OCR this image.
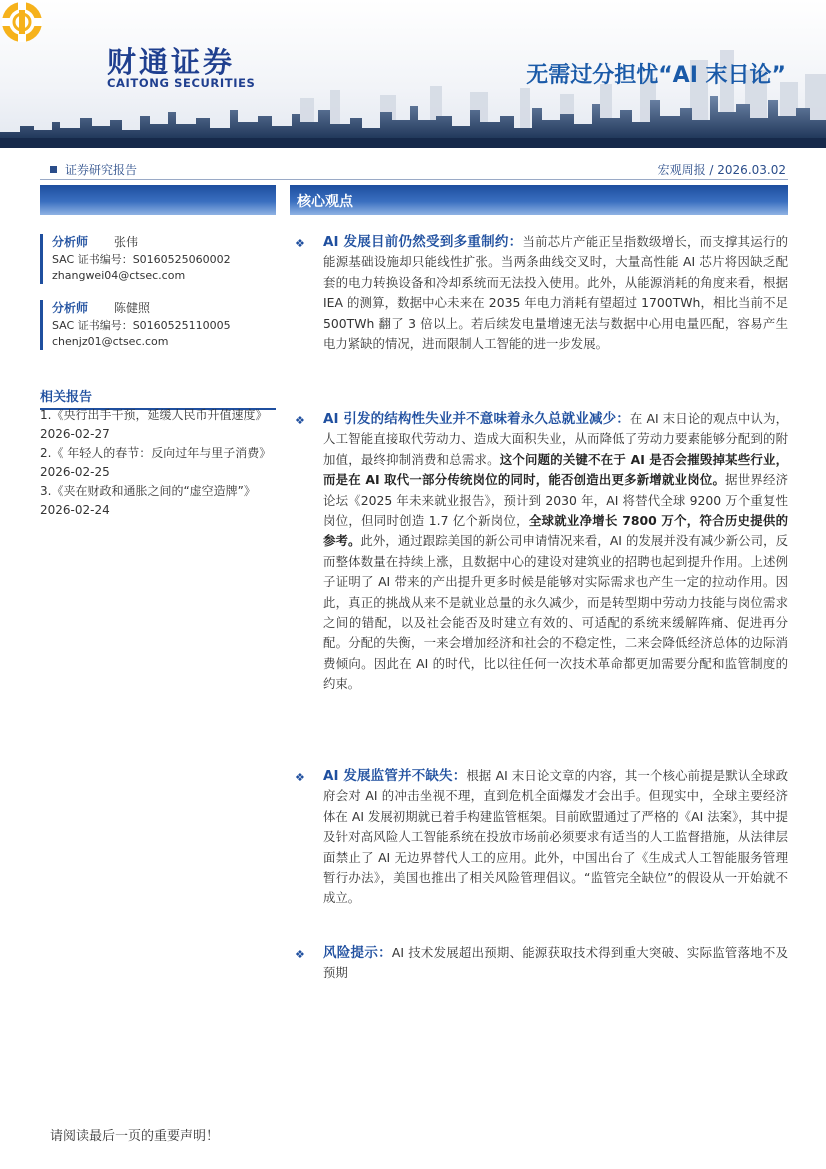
财通证券
CAITONG SECURITIES	无需过分担忧“AI 末日论”
证券研究报告	宏观周报 / 2026.03.02
核心观点
分析师 张伟
SAC 证书编号：S0160525060002
zhangwei04@ctsec.com
分析师 陈健照
SAC 证书编号：S0160525110005
chenjz01@ctsec.com
相关报告
1.《央行出手干预，延缓人民币升值速度》
2026-02-27
2.《 年轻人的春节：反向过年与里子消费》
2026-02-25
3.《夹在财政和通胀之间的“虚空造牌”》
2026-02-24
❖ AI 发展目前仍然受到多重制约：当前芯片产能正呈指数级增长，而支撑其运行的能源基础设施却只能线性扩张。当两条曲线交叉时，大量高性能 AI 芯片将因缺乏配套的电力转换设备和冷却系统而无法投入使用。此外，从能源消耗的角度来看，根据 IEA 的测算，数据中心未来在 2035 年电力消耗有望超过 1700TWh，相比当前不足 500TWh 翻了 3 倍以上。若后续发电量增速无法与数据中心用电量匹配，容易产生电力紧缺的情况，进而限制人工智能的进一步发展。
❖ AI 引发的结构性失业并不意味着永久总就业减少：在 AI 末日论的观点中认为，人工智能直接取代劳动力、造成大面积失业，从而降低了劳动力要素能够分配到的附加值，最终抑制消费和总需求。这个问题的关键不在于 AI 是否会摧毁掉某些行业，而是在 AI 取代一部分传统岗位的同时，能否创造出更多新增就业岗位。据世界经济论坛《2025 年未来就业报告》，预计到 2030 年，AI 将替代全球 9200 万个重复性岗位，但同时创造 1.7 亿个新岗位，全球就业净增长 7800 万个，符合历史提供的参考。此外，通过跟踪美国的新公司申请情况来看，AI 的发展并没有减少新公司，反而整体数量在持续上涨，且数据中心的建设对建筑业的招聘也起到提升作用。上述例子证明了 AI 带来的产出提升更多时候是能够对实际需求也产生一定的拉动作用。因此，真正的挑战从来不是就业总量的永久减少，而是转型期中劳动力技能与岗位需求之间的错配，以及社会能否及时建立有效的、可适配的系统来缓解阵痛、促进再分配。分配的失衡，一来会增加经济和社会的不稳定性，二来会降低经济总体的边际消费倾向。因此在 AI 的时代，比以往任何一次技术革命都更加需要分配和监管制度的约束。
❖ AI 发展监管并不缺失：根据 AI 末日论文章的内容，其一个核心前提是默认全球政府会对 AI 的冲击坐视不理，直到危机全面爆发才会出手。但现实中，全球主要经济体在 AI 发展初期就已着手构建监管框架。目前欧盟通过了严格的《AI 法案》，其中提及针对高风险人工智能系统在投放市场前必须要求有适当的人工监督措施，从法律层面禁止了 AI 无边界替代人工的应用。此外，中国出台了《生成式人工智能服务管理暂行办法》，美国也推出了相关风险管理倡议。“监管完全缺位”的假设从一开始就不成立。
❖ 风险提示：AI 技术发展超出预期、能源获取技术得到重大突破、实际监管落地不及预期
请阅读最后一页的重要声明！
